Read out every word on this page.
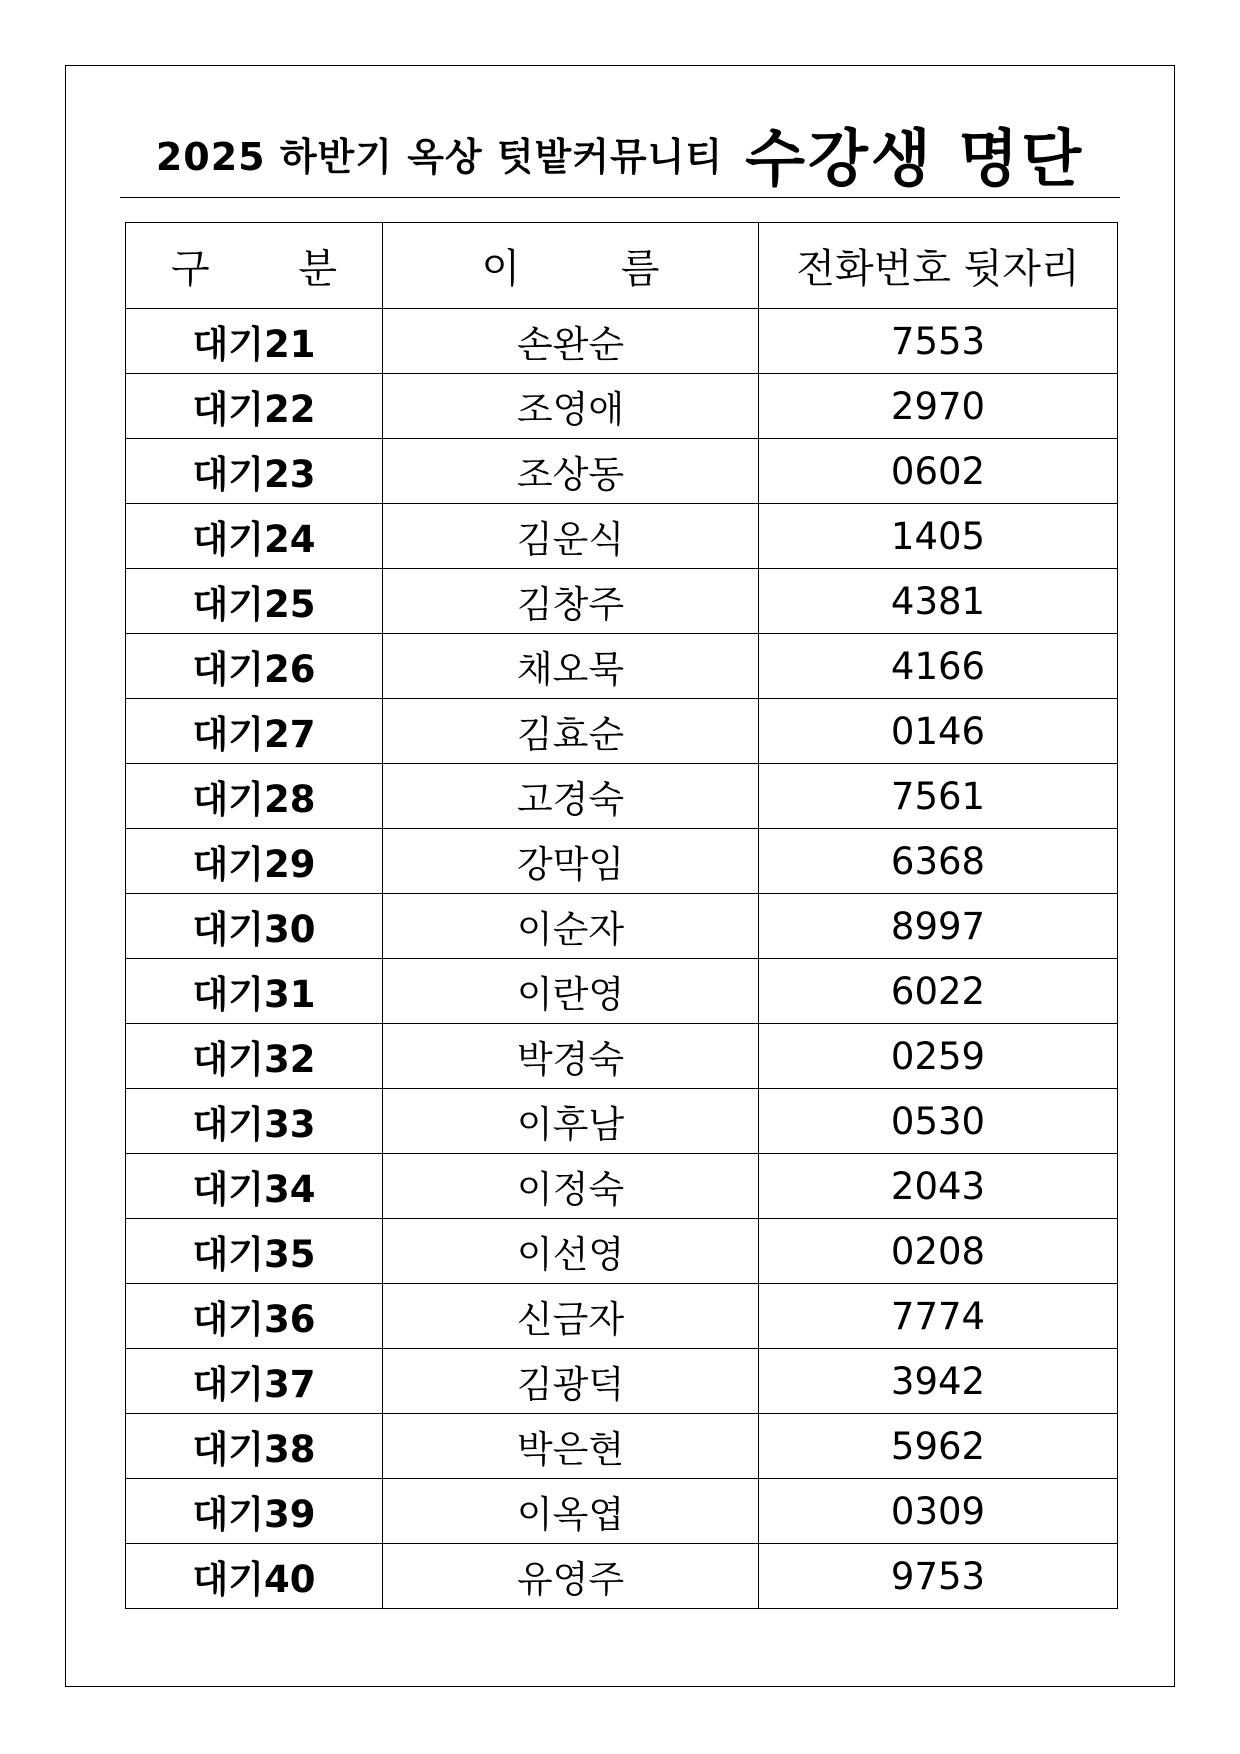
2025 하반기 옥상 텃밭커뮤니티 수강생 명단
구 분	이 름	전화번호 뒷자리
대기21	손완순	7553
대기22	조영애	2970
대기23	조상동	0602
대기24	김운식	1405
대기25	김창주	4381
대기26	채오묵	4166
대기27	김효순	0146
대기28	고경숙	7561
대기29	강막임	6368
대기30	이순자	8997
대기31	이란영	6022
대기32	박경숙	0259
대기33	이후남	0530
대기34	이정숙	2043
대기35	이선영	0208
대기36	신금자	7774
대기37	김광덕	3942
대기38	박은현	5962
대기39	이옥엽	0309
대기40	유영주	9753
